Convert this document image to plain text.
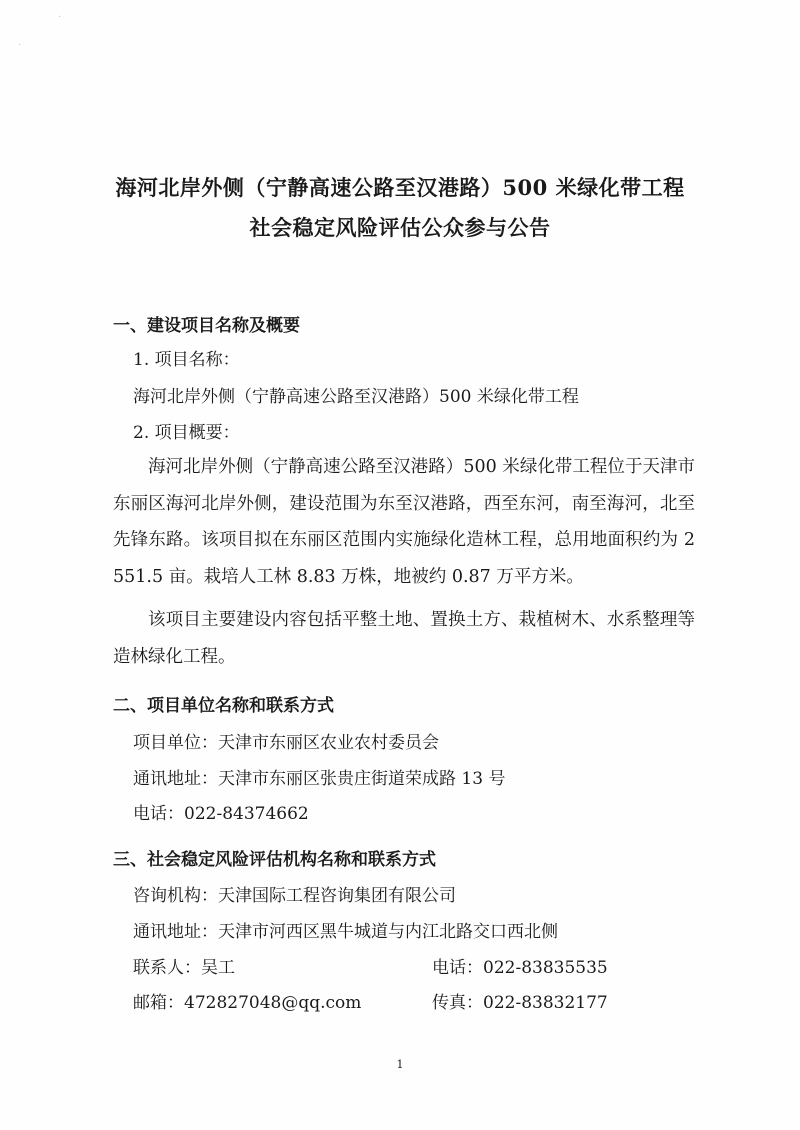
·
·
海河北岸外侧（宁静高速公路至汉港路）500 米绿化带工程
社会稳定风险评估公众参与公告
一、建设项目名称及概要
1. 项目名称：
海河北岸外侧（宁静高速公路至汉港路）500 米绿化带工程
2. 项目概要：
海河北岸外侧（宁静高速公路至汉港路）500 米绿化带工程位于天津市东丽区海河北岸外侧，建设范围为东至汉港路，西至东河，南至海河，北至先锋东路。该项目拟在东丽区范围内实施绿化造林工程，总用地面积约为 2551.5 亩。栽培人工林 8.83 万株，地被约 0.87 万平方米。
该项目主要建设内容包括平整土地、置换土方、栽植树木、水系整理等造林绿化工程。
二、项目单位名称和联系方式
项目单位：天津市东丽区农业农村委员会
通讯地址：天津市东丽区张贵庄街道荣成路 13 号
电话：022-84374662
三、社会稳定风险评估机构名称和联系方式
咨询机构：天津国际工程咨询集团有限公司
通讯地址：天津市河西区黑牛城道与内江北路交口西北侧
联系人：吴工	电话：022-83835535
邮箱：472827048@qq.com	传真：022-83832177
1
